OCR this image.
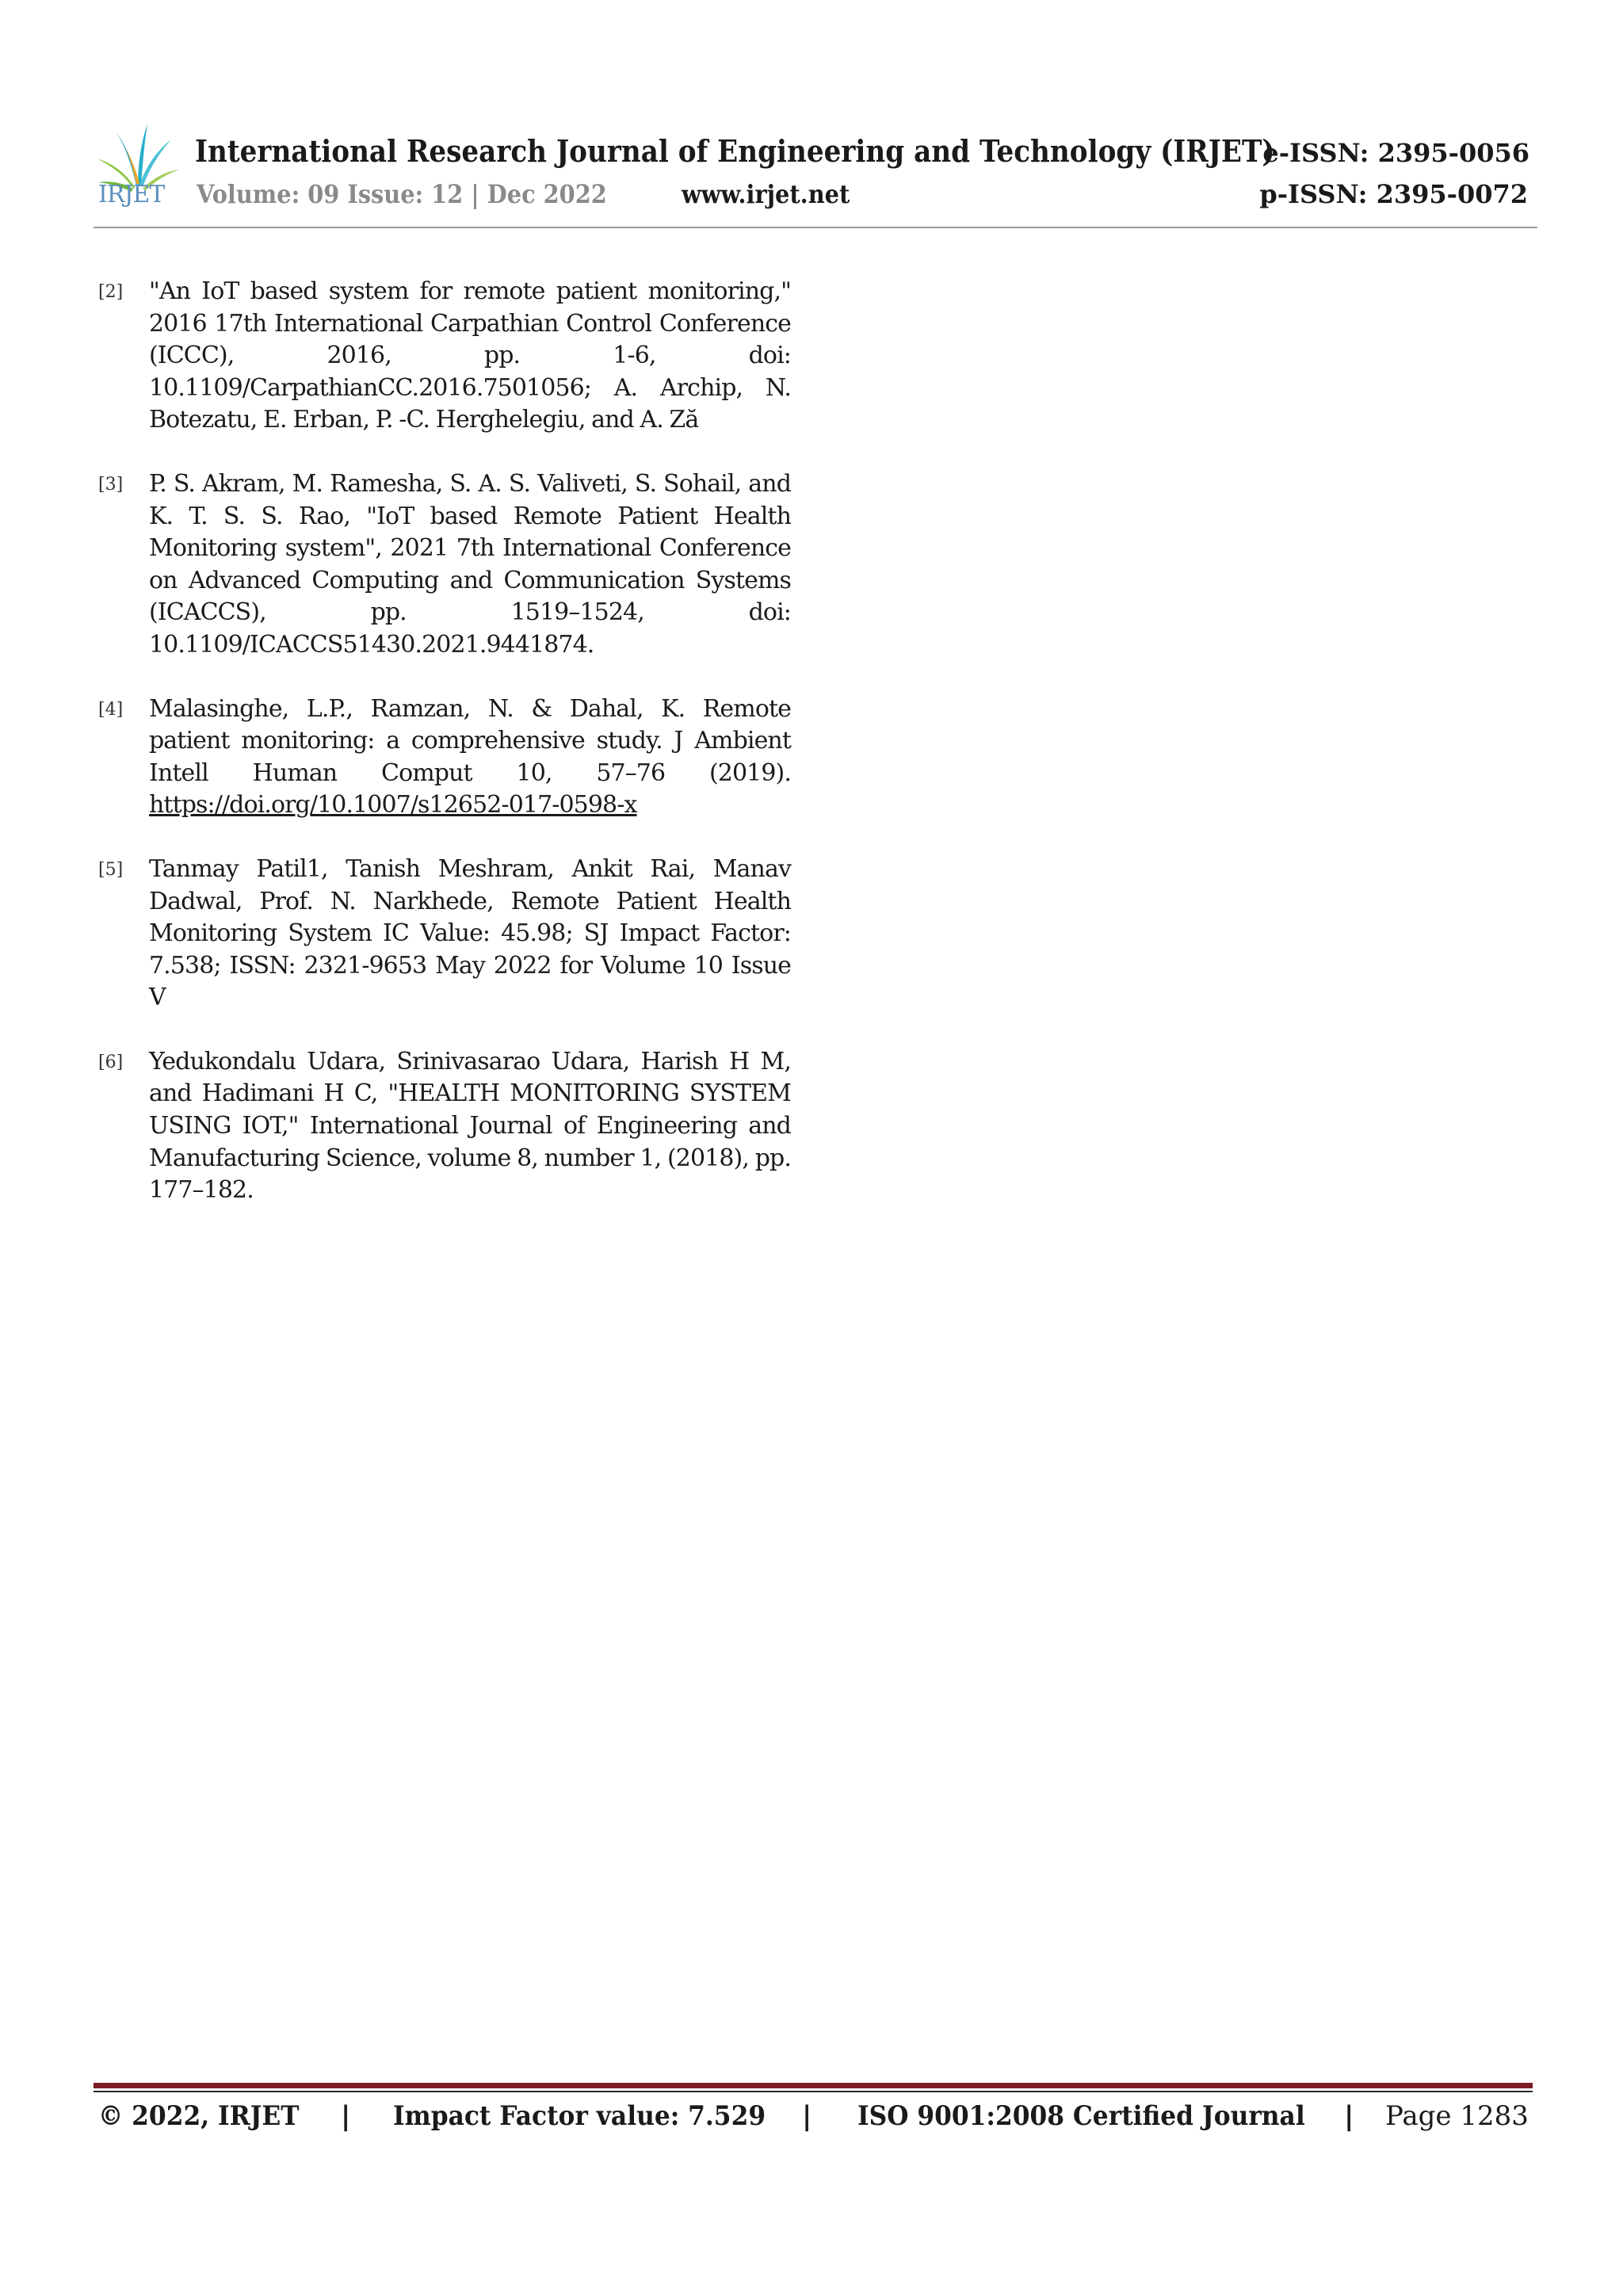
IRJET
International Research Journal of Engineering and Technology (IRJET)
Volume: 09 Issue: 12 | Dec 2022	www.irjet.net
e-ISSN: 2395-0056
p-ISSN: 2395-0072
[2] "An IoT based system for remote patient monitoring," 2016 17th International Carpathian Control Conference (ICCC), 2016, pp. 1-6, doi: 10.1109/CarpathianCC.2016.7501056; A. Archip, N. Botezatu, E. Erban, P. -C. Herghelegiu, and A. Ză
[3] P. S. Akram, M. Ramesha, S. A. S. Valiveti, S. Sohail, and K. T. S. S. Rao, "IoT based Remote Patient Health Monitoring system", 2021 7th International Conference on Advanced Computing and Communication Systems (ICACCS), pp. 1519–1524, doi: 10.1109/ICACCS51430.2021.9441874.
[4] Malasinghe, L.P., Ramzan, N. & Dahal, K. Remote patient monitoring: a comprehensive study. J Ambient Intell Human Comput 10, 57–76 (2019). https://doi.org/10.1007/s12652-017-0598-x
[5] Tanmay Patil1, Tanish Meshram, Ankit Rai, Manav Dadwal, Prof. N. Narkhede, Remote Patient Health Monitoring System IC Value: 45.98; SJ Impact Factor: 7.538; ISSN: 2321-9653 May 2022 for Volume 10 Issue V
[6] Yedukondalu Udara, Srinivasarao Udara, Harish H M, and Hadimani H C, "HEALTH MONITORING SYSTEM USING IOT," International Journal of Engineering and Manufacturing Science, volume 8, number 1, (2018), pp. 177–182.
© 2022, IRJET | Impact Factor value: 7.529 | ISO 9001:2008 Certified Journal | Page 1283
